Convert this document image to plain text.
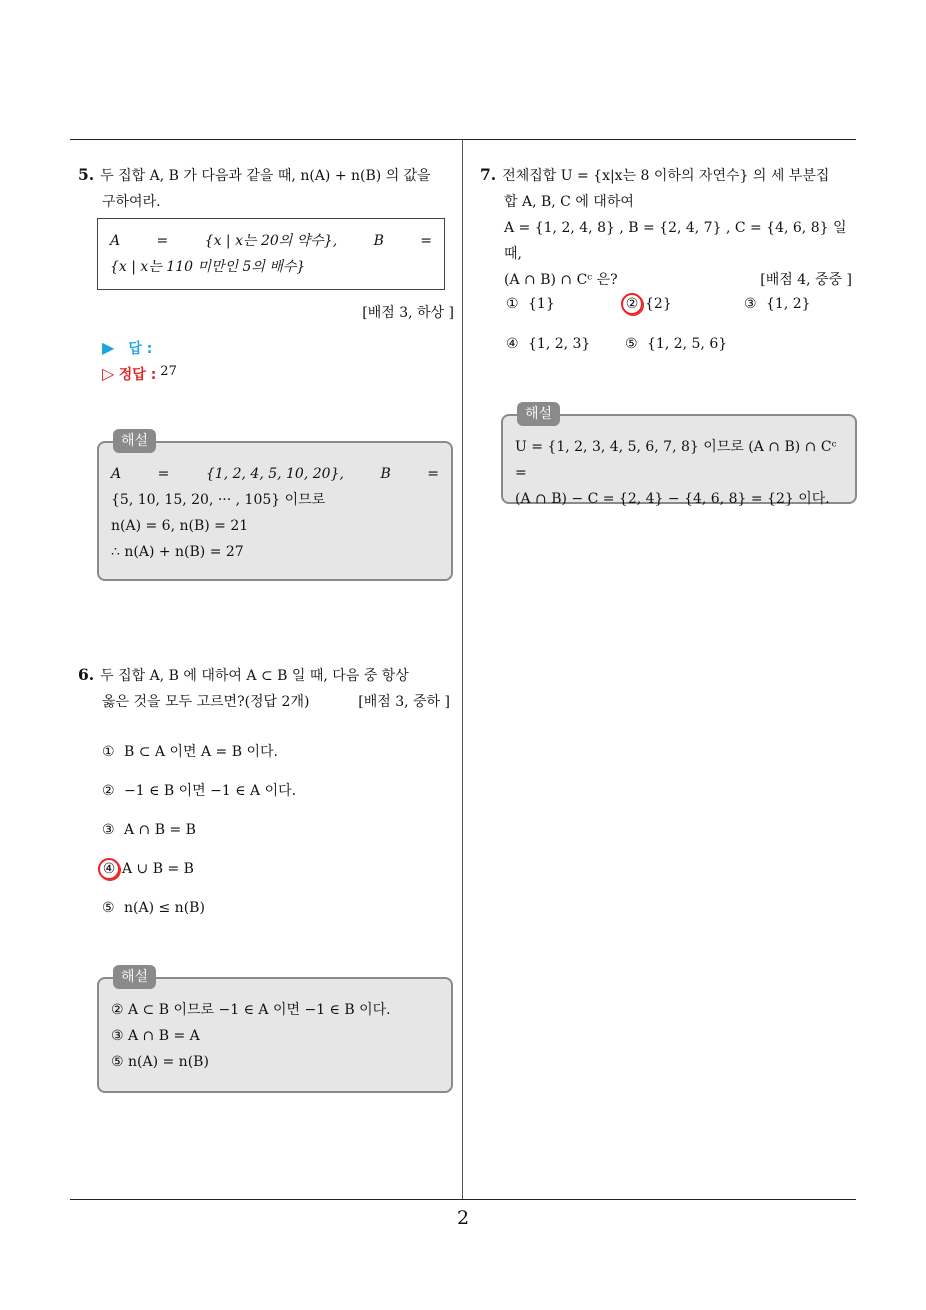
2
5. 두 집합 A, B 가 다음과 같을 때, n(A) + n(B) 의 값을
구하여라.
A	=	{x | x는 20의 약수},	B	=
{x | x는 110 미만인 5의 배수}
[배점 3, 하상 ]
▶ 답 :
▷ 정답 : 27
해설
A	=	{1, 2, 4, 5, 10, 20},	B	=
{5, 10, 15, 20, ··· , 105} 이므로
n(A) = 6, n(B) = 21
∴ n(A) + n(B) = 27
6. 두 집합 A, B 에 대하여 A ⊂ B 일 때, 다음 중 항상
옳은 것을 모두 고르면?(정답 2개)	[배점 3, 중하 ]
① B ⊂ A 이면 A = B 이다.
② −1 ∈ B 이면 −1 ∈ A 이다.
③ A ∩ B = B
④ A ∪ B = B
⑤ n(A) ≤ n(B)
해설
② A ⊂ B 이므로 −1 ∈ A 이면 −1 ∈ B 이다.
③ A ∩ B = A
⑤ n(A) = n(B)
7. 전체집합 U = {x|x는 8 이하의 자연수} 의 세 부분집
합 A, B, C 에 대하여
A = {1, 2, 4, 8} , B = {2, 4, 7} , C = {4, 6, 8} 일 때,
(A ∩ B) ∩ Cᶜ 은?	[배점 4, 중중 ]
① {1}	② {2}	③ {1, 2}
④ {1, 2, 3} ⑤ {1, 2, 5, 6}
해설
U = {1, 2, 3, 4, 5, 6, 7, 8} 이므로 (A ∩ B) ∩ Cᶜ =
(A ∩ B) − C = {2, 4} − {4, 6, 8} = {2} 이다.
